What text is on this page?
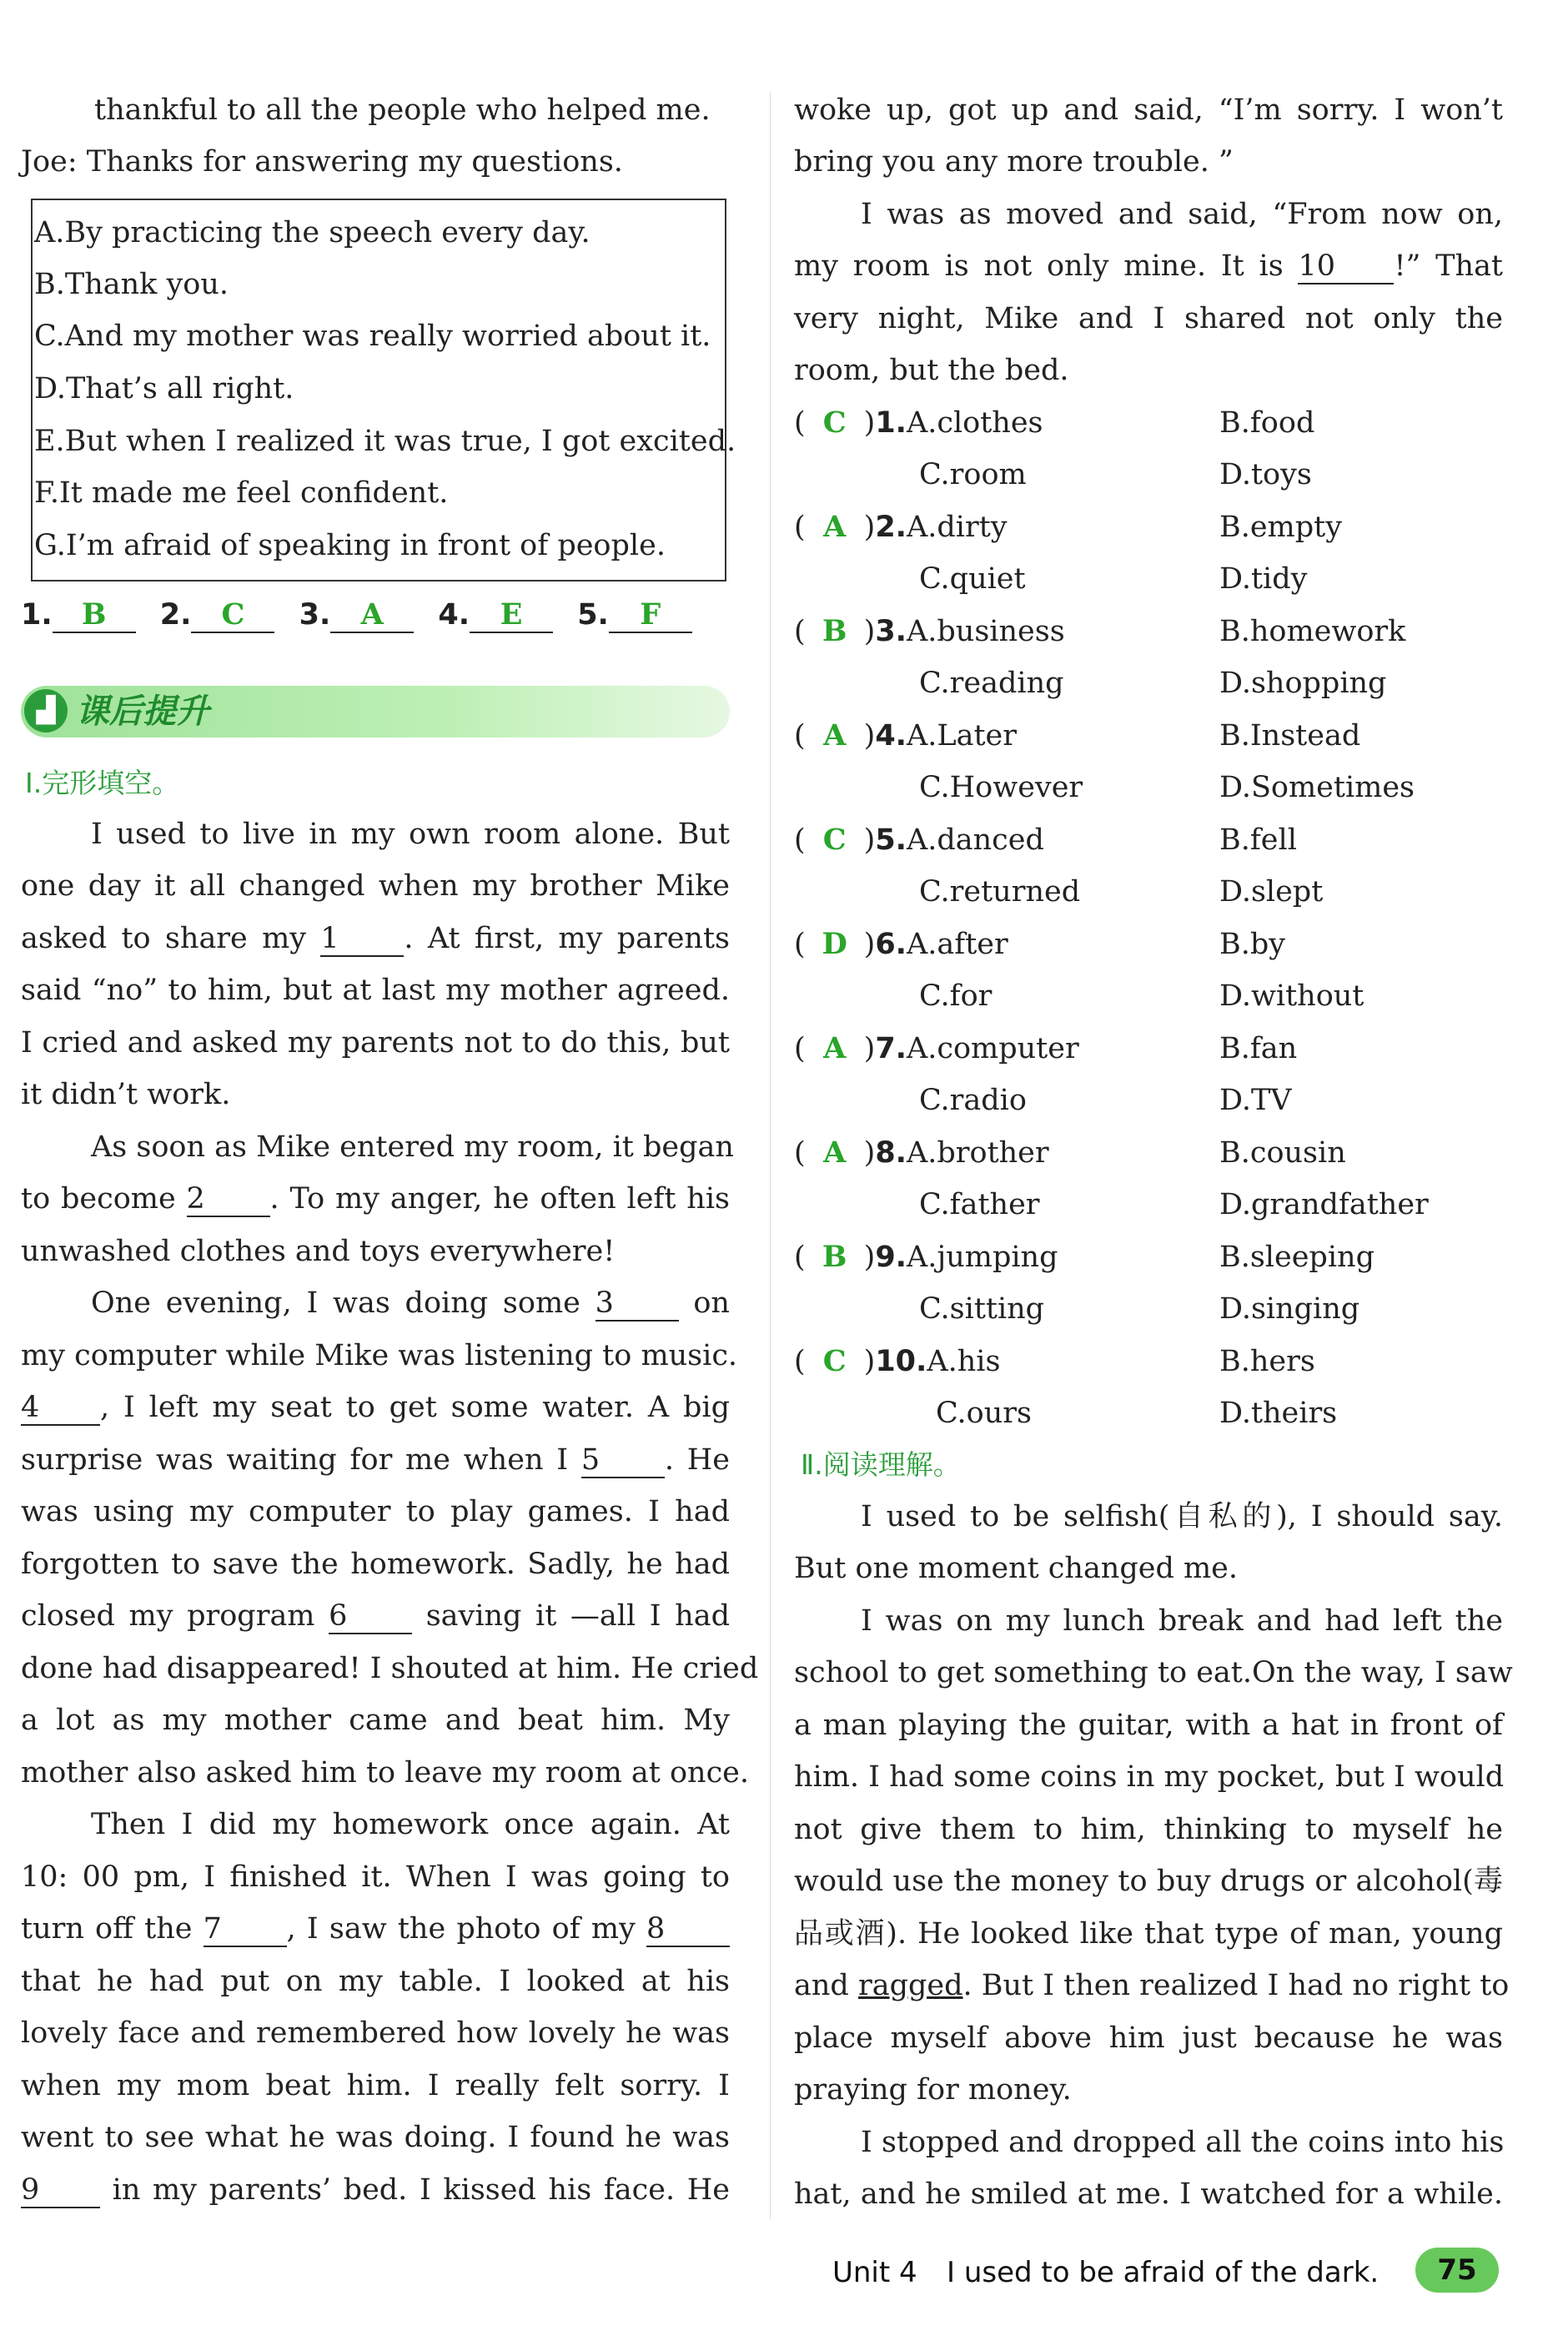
thankful to all the people who helped me.
Joe: Thanks for answering my questions.
A.By practicing the speech every day.
B.Thank you.
C.And my mother was really worried about it.
D.That’s all right.
E.But when I realized it was true, I got excited.
F.It made me feel confident.
G.I’m afraid of speaking in front of people.
1. B 2. C 3. A 4. E 5. F
▟ 课后提升
Ⅰ.完形填空。
I used to live in my own room alone. But
one day it all changed when my brother Mike
asked to share my 1 . At first, my parents
said “no” to him, but at last my mother agreed.
I cried and asked my parents not to do this, but
it didn’t work.
As soon as Mike entered my room, it began
to become 2 . To my anger, he often left his
unwashed clothes and toys everywhere!
One evening, I was doing some 3	on
my computer while Mike was listening to music.
4 , I left my seat to get some water. A big
surprise was waiting for me when I 5 . He
was using my computer to play games. I had
forgotten to save the homework. Sadly, he had
closed my program 6	saving it —all I had
done had disappeared! I shouted at him. He cried
a lot as my mother came and beat him. My
mother also asked him to leave my room at once.
Then I did my homework once again. At
10: 00 pm, I finished it. When I was going to
turn off the 7 , I saw the photo of my 8
that he had put on my table. I looked at his
lovely face and remembered how lovely he was
when my mom beat him. I really felt sorry. I
went to see what he was doing. I found he was
9 in my parents’ bed. I kissed his face. He
woke up, got up and said, “I’m sorry. I won’t
bring you any more trouble. ”
I was as moved and said, “From now on,
my room is not only mine. It is 10 !” That
very night, Mike and I shared not only the
room, but the bed.
( C )1.A.clothes	B.food
C.room	D.toys
( A )2.A.dirty	B.empty
C.quiet	D.tidy
( B )3.A.business	B.homework
C.reading	D.shopping
( A )4.A.Later	B.Instead
C.However	D.Sometimes
( C )5.A.danced	B.fell
C.returned	D.slept
( D )6.A.after	B.by
C.for	D.without
( A )7.A.computer	B.fan
C.radio	D.TV
( A )8.A.brother	B.cousin
C.father	D.grandfather
( B )9.A.jumping	B.sleeping
C.sitting	D.singing
( C )10.A.his	B.hers
C.ours	D.theirs
Ⅱ.阅读理解。
I used to be selfish(自私的), I should say.
But one moment changed me.
I was on my lunch break and had left the
school to get something to eat.On the way, I saw
a man playing the guitar, with a hat in front of
him. I had some coins in my pocket, but I would
not give them to him, thinking to myself he
would use the money to buy drugs or alcohol(毒
品或酒). He looked like that type of man, young
and ragged. But I then realized I had no right to
place myself above him just because he was
praying for money.
I stopped and dropped all the coins into his
hat, and he smiled at me. I watched for a while.
Unit 4 I used to be afraid of the dark.	75
